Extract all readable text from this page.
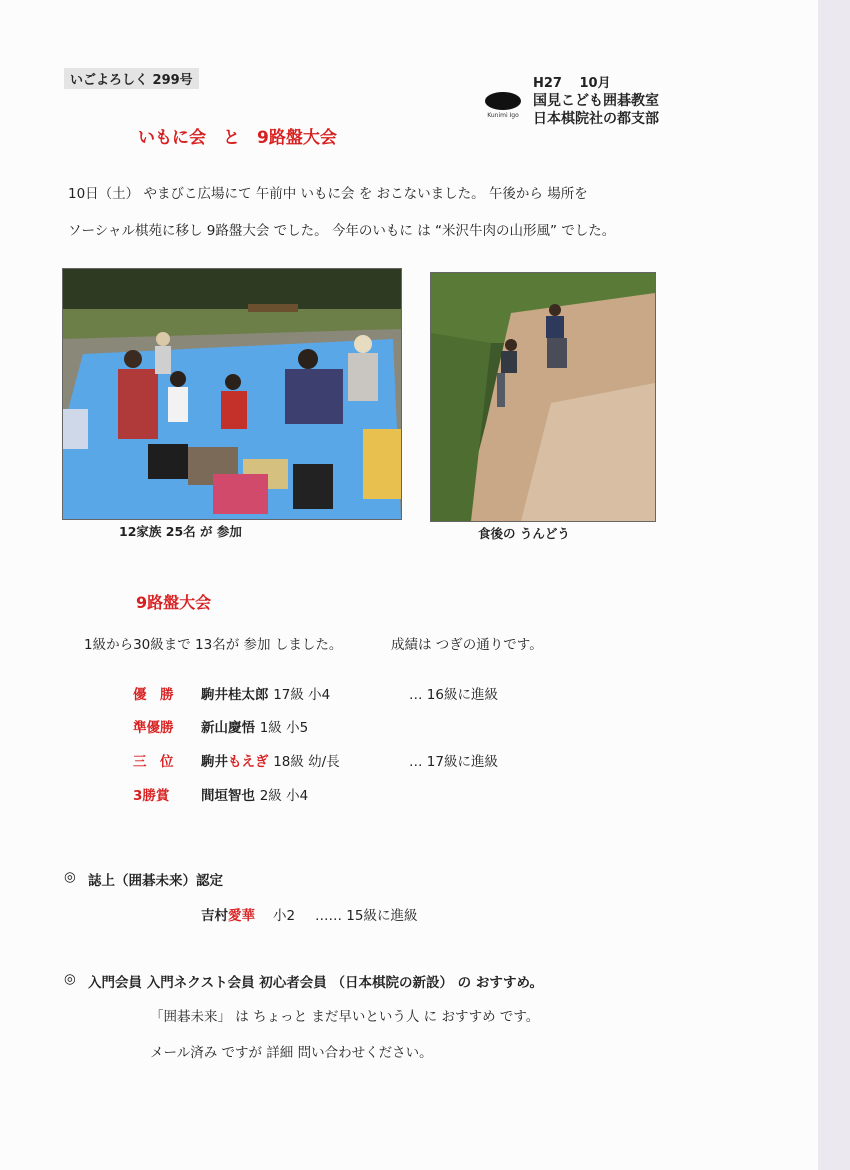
いごよろしく 299号	H27　 10月
Kunimi Igo
国見こども囲碁教室
日本棋院社の都支部
いもに会　と　9路盤大会
10日（土） やまびこ広場にて 午前中 いもに会 を おこないました。 午後から 場所を
ソーシャル棋苑に移し 9路盤大会 でした。 今年のいもに は “米沢牛肉の山形風” でした。
12家族 25名 が 参加	食後の うんどう
9路盤大会
1級から30級まで 13名が 参加 しました。	成績は つぎの通りです。
優　勝 駒井桂太郎 17級 小4	… 16級に進級
準優勝 新山慶悟 1級 小5
三　位 駒井もえぎ 18級 幼/長	… 17級に進級
3勝賞 間垣智也 2級 小4
◎ 誌上（囲碁未来）認定
吉村愛華 小2 …… 15級に進級
◎ 入門会員 入門ネクスト会員 初心者会員 （日本棋院の新設） の おすすめ。
「囲碁未来」 は ちょっと まだ早いという人 に おすすめ です。
メール済み ですが 詳細 問い合わせください。
